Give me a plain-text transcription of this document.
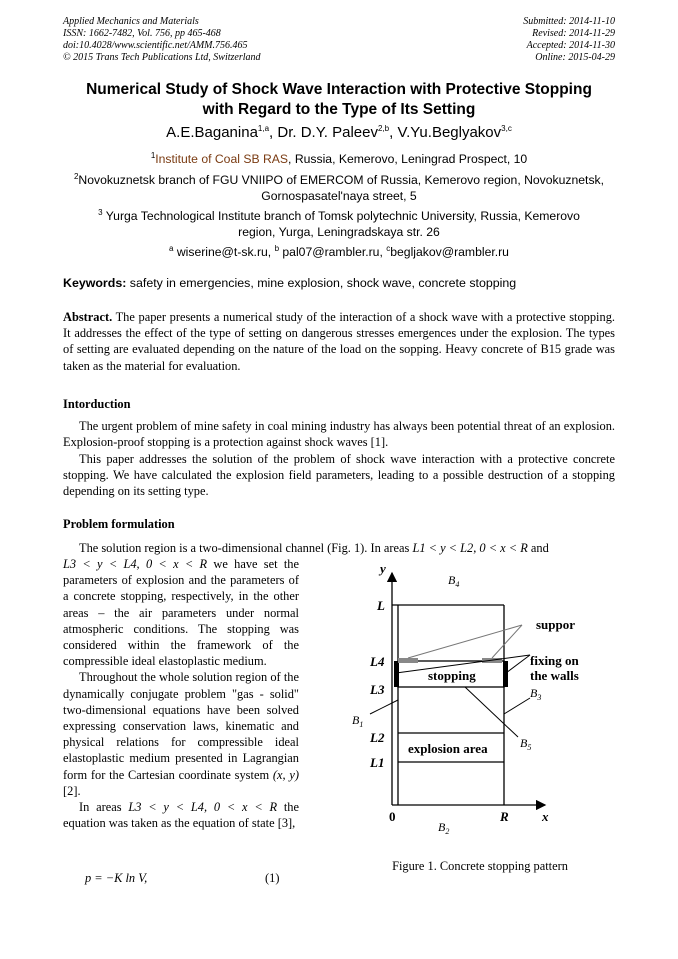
Applied Mechanics and Materials
ISSN: 1662-7482, Vol. 756, pp 465-468
doi:10.4028/www.scientific.net/AMM.756.465
© 2015 Trans Tech Publications Ltd, Switzerland
Submitted: 2014-11-10
Revised: 2014-11-29
Accepted: 2014-11-30
Online: 2015-04-29
Numerical Study of Shock Wave Interaction with Protective Stopping
with Regard to the Type of Its Setting
A.E.Baganina$^{1,a}$, Dr. D.Y. Paleev$^{2,b}$, V.Yu.Beglyakov$^{3,c}$
$^1$Institute of Coal SB RAS, Russia, Kemerovo, Leningrad Prospect, 10
$^2$Novokuznetsk branch of FGU VNIIPO of EMERCOM of Russia, Kemerovo region, Novokuznetsk,
Gornospasatel'naya street, 5
$^3$ Yurga Technological Institute branch of Tomsk polytechnic University, Russia, Kemerovo
region, Yurga, Leningradskaya str. 26
$^a$ wiserine@t-sk.ru, $^b$ pal07@rambler.ru, $^c$begljakov@rambler.ru
Keywords: safety in emergencies, mine explosion, shock wave, concrete stopping
Abstract. The paper presents a numerical study of the interaction of a shock wave with a protective stopping. It addresses the effect of the type of setting on dangerous stresses emergences under the explosion. The types of setting are evaluated depending on the nature of the load on the sopping. Heavy concrete of B15 grade was taken as the material for evaluation.
Intorduction
The urgent problem of mine safety in coal mining industry has always been potential threat of an explosion. Explosion-proof stopping is a protection against shock waves [1].
This paper addresses the solution of the problem of shock wave interaction with a protective concrete stopping. We have calculated the explosion field parameters, leading to a possible destruction of a stopping depending on its setting type.
Problem formulation
The solution region is a two-dimensional channel (Fig. 1). In areas L1 < y < L2, 0 < x < R and
L3 < y < L4, 0 < x < R we have set the
parameters of explosion and the parameters of a concrete stopping, respectively, in the other areas – the air parameters under normal atmospheric conditions. The stopping was considered within the framework of the compressible ideal elastoplastic medium.
Throughout the whole solution region of the dynamically conjugate problem "gas - solid" two-dimensional equations have been solved expressing conservation laws, kinematic and physical relations for compressible ideal elastoplastic medium presented in Lagrangian form for the Cartesian coordinate system (x, y) [2].
In areas L3 < y < L4, 0 < x < R the equation was taken as the equation of state [3],
p = −K ln V,	(1)
y
x
0	R
L
L4
L3
L2
L1
stopping
explosion area
suppor
fixing on
the walls
$B_4$
$B_1$
$B_3$
$B_5$
$B_2$
Figure 1. Concrete stopping pattern
